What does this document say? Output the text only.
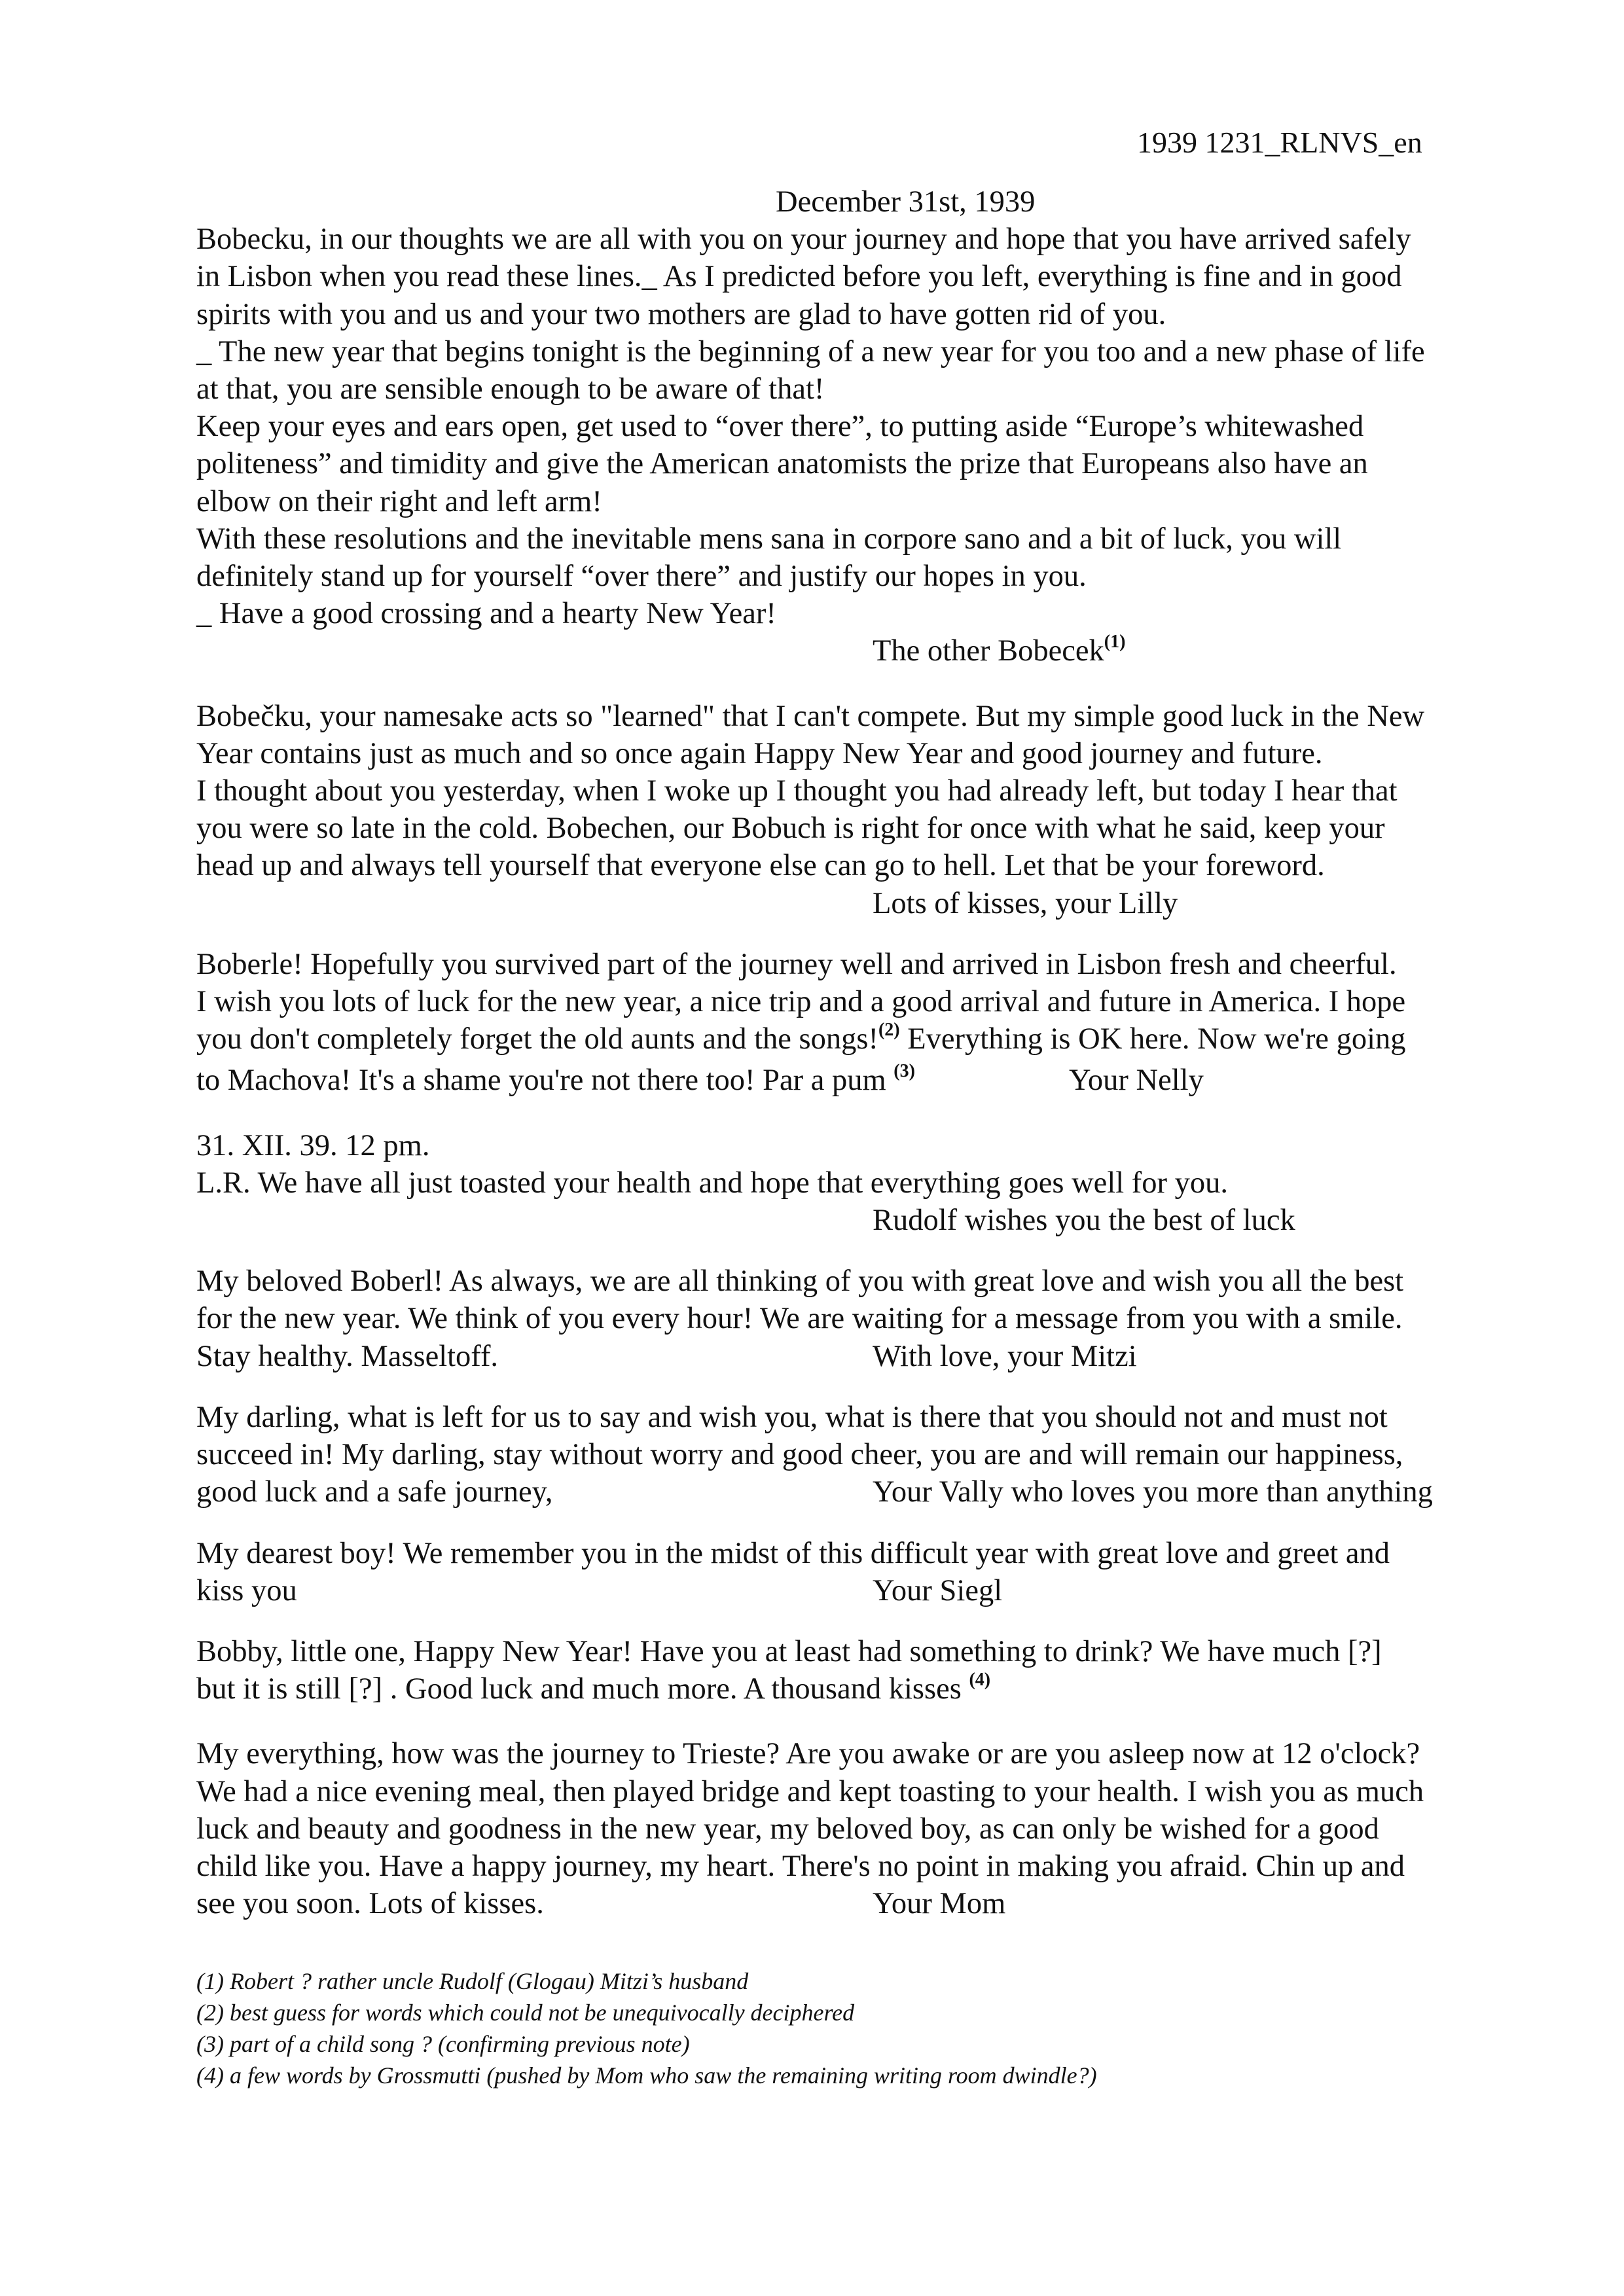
1939 1231_RLNVS_en
December 31st, 1939
Bobecku, in our thoughts we are all with you on your journey and hope that you have arrived safely
in Lisbon when you read these lines._ As I predicted before you left, everything is fine and in good
spirits with you and us and your two mothers are glad to have gotten rid of you.
_ The new year that begins tonight is the beginning of a new year for you too and a new phase of life
at that, you are sensible enough to be aware of that!
Keep your eyes and ears open, get used to “over there”, to putting aside “Europe’s whitewashed
politeness” and timidity and give the American anatomists the prize that Europeans also have an
elbow on their right and left arm!
With these resolutions and the inevitable mens sana in corpore sano and a bit of luck, you will
definitely stand up for yourself “over there” and justify our hopes in you.
_ Have a good crossing and a hearty New Year!
The other Bobecek$^{(1)}$
Bobečku, your namesake acts so "learned" that I can't compete. But my simple good luck in the New
Year contains just as much and so once again Happy New Year and good journey and future.
I thought about you yesterday, when I woke up I thought you had already left, but today I hear that
you were so late in the cold. Bobechen, our Bobuch is right for once with what he said, keep your
head up and always tell yourself that everyone else can go to hell. Let that be your foreword.
Lots of kisses, your Lilly
Boberle! Hopefully you survived part of the journey well and arrived in Lisbon fresh and cheerful.
I wish you lots of luck for the new year, a nice trip and a good arrival and future in America. I hope
you don't completely forget the old aunts and the songs!$^{(2)}$ Everything is OK here. Now we're going
to Machova! It's a shame you're not there too! Par a pum $^{(3)}$	Your Nelly
31. XII. 39. 12 pm.
L.R. We have all just toasted your health and hope that everything goes well for you.
Rudolf wishes you the best of luck
My beloved Boberl! As always, we are all thinking of you with great love and wish you all the best
for the new year. We think of you every hour! We are waiting for a message from you with a smile.
Stay healthy. Masseltoff.	With love, your Mitzi

My darling, what is left for us to say and wish you, what is there that you should not and must not
succeed in! My darling, stay without worry and good cheer, you are and will remain our happiness,
good luck and a safe journey,	Your Vally who loves you more than anything

My dearest boy! We remember you in the midst of this difficult year with great love and greet and
kiss you	Your Siegl

Bobby, little one, Happy New Year! Have you at least had something to drink? We have much [?]
but it is still [?] . Good luck and much more. A thousand kisses $^{(4)}$
My everything, how was the journey to Trieste? Are you awake or are you asleep now at 12 o'clock?
We had a nice evening meal, then played bridge and kept toasting to your health. I wish you as much
luck and beauty and goodness in the new year, my beloved boy, as can only be wished for a good
child like you. Have a happy journey, my heart. There's no point in making you afraid. Chin up and
see you soon. Lots of kisses.	Your Mom

(1) Robert ? rather uncle Rudolf (Glogau) Mitzi’s husband
(2) best guess for words which could not be unequivocally deciphered
(3) part of a child song ? (confirming previous note)
(4) a few words by Grossmutti (pushed by Mom who saw the remaining writing room dwindle?)
